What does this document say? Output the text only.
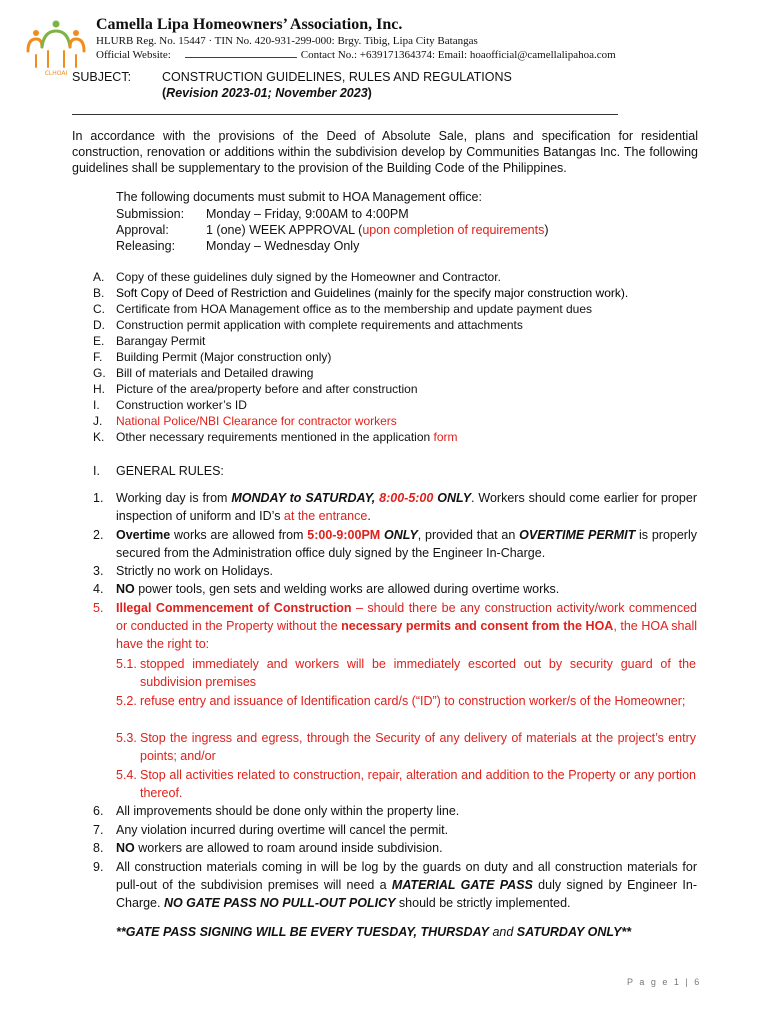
CLHOAI
Camella Lipa Homeowners’ Association, Inc.
HLURB Reg. No. 15447 · TIN No. 420-931-299-000: Brgy. Tibig, Lipa City Batangas
Official Website:	Contact No.: +639171364374: Email: hoaofficial@camellalipahoa.com
SUBJECT: CONSTRUCTION GUIDELINES, RULES AND REGULATIONS
(Revision 2023-01; November 2023)

In accordance with the provisions of the Deed of Absolute Sale, plans and specification for residential construction, renovation or additions within the subdivision develop by Communities Batangas Inc. The following guidelines shall be supplementary to the provision of the Building Code of the Philippines.

The following documents must submit to HOA Management office:
Submission: Monday – Friday, 9:00AM to 4:00PM
Approval:	1 (one) WEEK APPROVAL (upon completion of requirements)
Releasing: Monday – Wednesday Only
A. Copy of these guidelines duly signed by the Homeowner and Contractor.
B. Soft Copy of Deed of Restriction and Guidelines (mainly for the specify major construction work).
C. Certificate from HOA Management office as to the membership and update payment dues
D. Construction permit application with complete requirements and attachments
E. Barangay Permit
F. Building Permit (Major construction only)
G. Bill of materials and Detailed drawing
H. Picture of the area/property before and after construction
I. Construction worker’s ID
J. National Police/NBI Clearance for contractor workers
K. Other necessary requirements mentioned in the application form
I. GENERAL RULES:
1. Working day is from MONDAY to SATURDAY, 8:00-5:00 ONLY. Workers should come earlier for proper inspection of uniform and ID’s at the entrance.
2. Overtime works are allowed from 5:00-9:00PM ONLY, provided that an OVERTIME PERMIT is properly secured from the Administration office duly signed by the Engineer In-Charge.
3. Strictly no work on Holidays.
4. NO power tools, gen sets and welding works are allowed during overtime works.
5. Illegal Commencement of Construction – should there be any construction activity/work commenced or conducted in the Property without the necessary permits and consent from the HOA, the HOA shall have the right to:
5.1. stopped immediately and workers will be immediately escorted out by security guard of the subdivision premises
5.2. refuse entry and issuance of Identification card/s (“ID”) to construction worker/s of the Homeowner;
5.3. Stop the ingress and egress, through the Security of any delivery of materials at the project’s entry points; and/or
5.4. Stop all activities related to construction, repair, alteration and addition to the Property or any portion thereof.
6. All improvements should be done only within the property line.
7. Any violation incurred during overtime will cancel the permit.
8. NO workers are allowed to roam around inside subdivision.
9. All construction materials coming in will be log by the guards on duty and all construction materials for pull-out of the subdivision premises will need a MATERIAL GATE PASS duly signed by Engineer In-Charge. NO GATE PASS NO PULL-OUT POLICY should be strictly implemented.
**GATE PASS SIGNING WILL BE EVERY TUESDAY, THURSDAY and SATURDAY ONLY**
P a g e 1 | 6
